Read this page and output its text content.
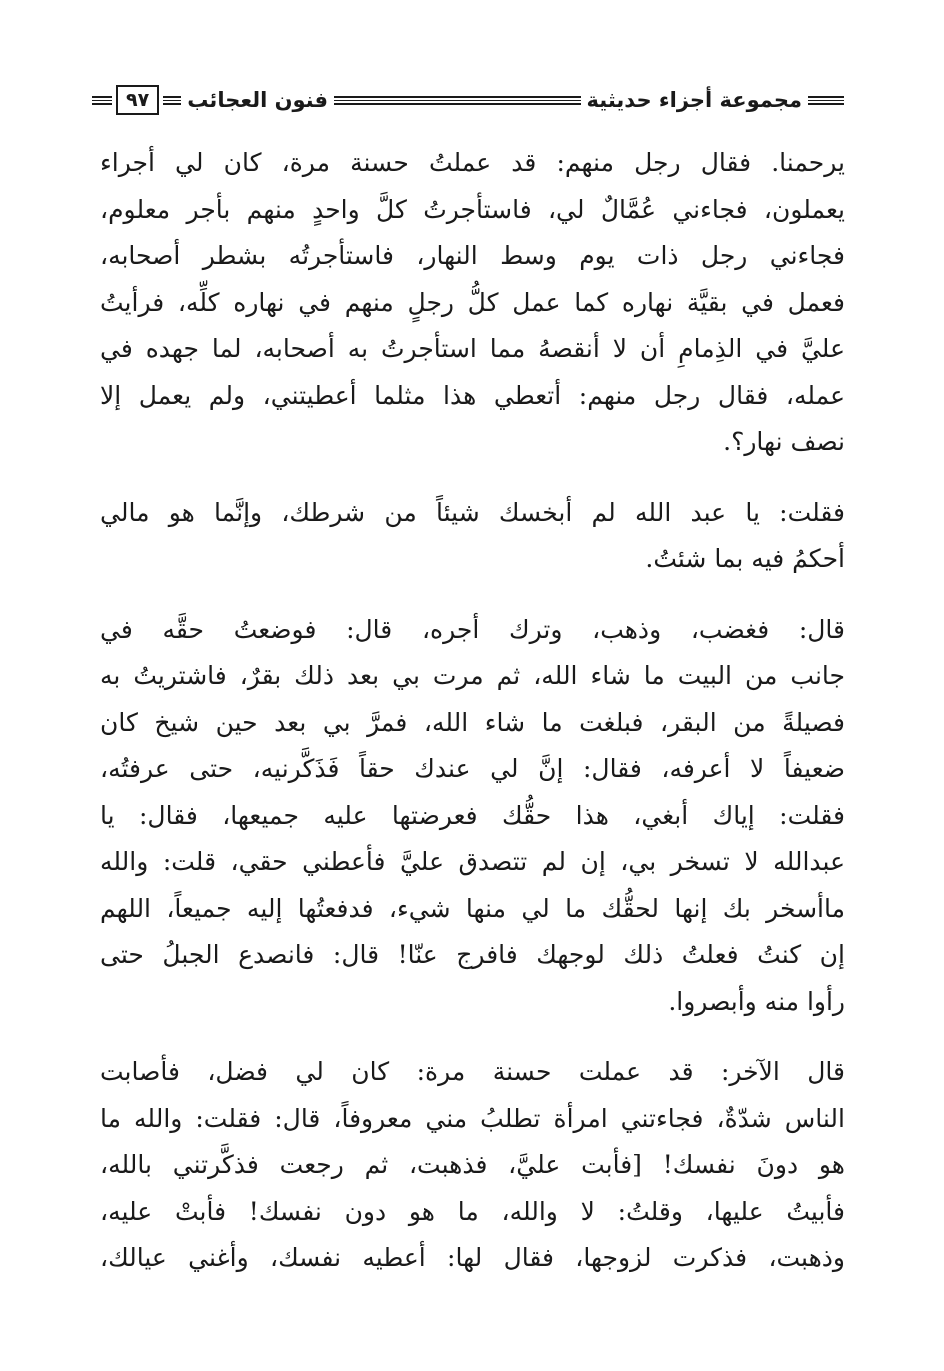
مجموعة أجزاء حديثية
فنون العجائب
٩٧
يرحمنا. فقال رجل منهم: قد عملتُ حسنة مرة، كان لي أجراء
يعملون، فجاءني عُمَّالٌ لي، فاستأجرتُ كلَّ واحدٍ منهم بأجر معلوم،
فجاءني رجل ذات يوم وسط النهار، فاستأجرتُه بشطر أصحابه،
فعمل في بقيَّة نهاره كما عمل كلُّ رجلٍ منهم في نهاره كلِّه، فرأيتُ
عليَّ في الذِمامِ أن لا أنقصهُ مما استأجرتُ به أصحابه، لما جهده في
عمله، فقال رجل منهم: أتعطي هذا مثلما أعطيتني، ولم يعمل إلا
نصف نهار؟.
فقلت: يا عبد الله لم أبخسك شيئاً من شرطك، وإنَّما هو مالي
أحكمُ فيه بما شئتُ.
قال: فغضب، وذهب، وترك أجره، قال: فوضعتُ حقَّه في
جانب من البيت ما شاء الله، ثم مرت بي بعد ذلك بقرٌ، فاشتريتُ به
فصيلةً من البقر، فبلغت ما شاء الله، فمرَّ بي بعد حين شيخ كان
ضعيفاً لا أعرفه، فقال: إنَّ لي عندك حقاً فَذَكَّرنيه، حتى عرفتُه،
فقلت: إياك أبغي، هذا حقُّك فعرضتها عليه جميعها، فقال: يا
عبدالله لا تسخر بي، إن لم تتصدق عليَّ فأعطني حقي، قلت: والله
ماأسخر بك إنها لحقُّك ما لي منها شيء، فدفعتُها إليه جميعاً، اللهم
إن كنتُ فعلتُ ذلك لوجهك فافرج عنّا! قال: فانصدع الجبلُ حتى
رأوا منه وأبصروا.
قال الآخر: قد عملت حسنة مرة: كان لي فضل، فأصابت
الناس شدّةٌ، فجاءتني امرأة تطلبُ مني معروفاً، قال: فقلت: والله ما
هو دونَ نفسك! [فأبت عليَّ، فذهبت، ثم رجعت فذكَّرتني بالله،
فأبيتُ عليها، وقلتُ: لا والله، ما هو دون نفسك! فأبتْ عليه،
وذهبت، فذكرت لزوجها، فقال لها: أعطيه نفسك، وأغني عيالك،
